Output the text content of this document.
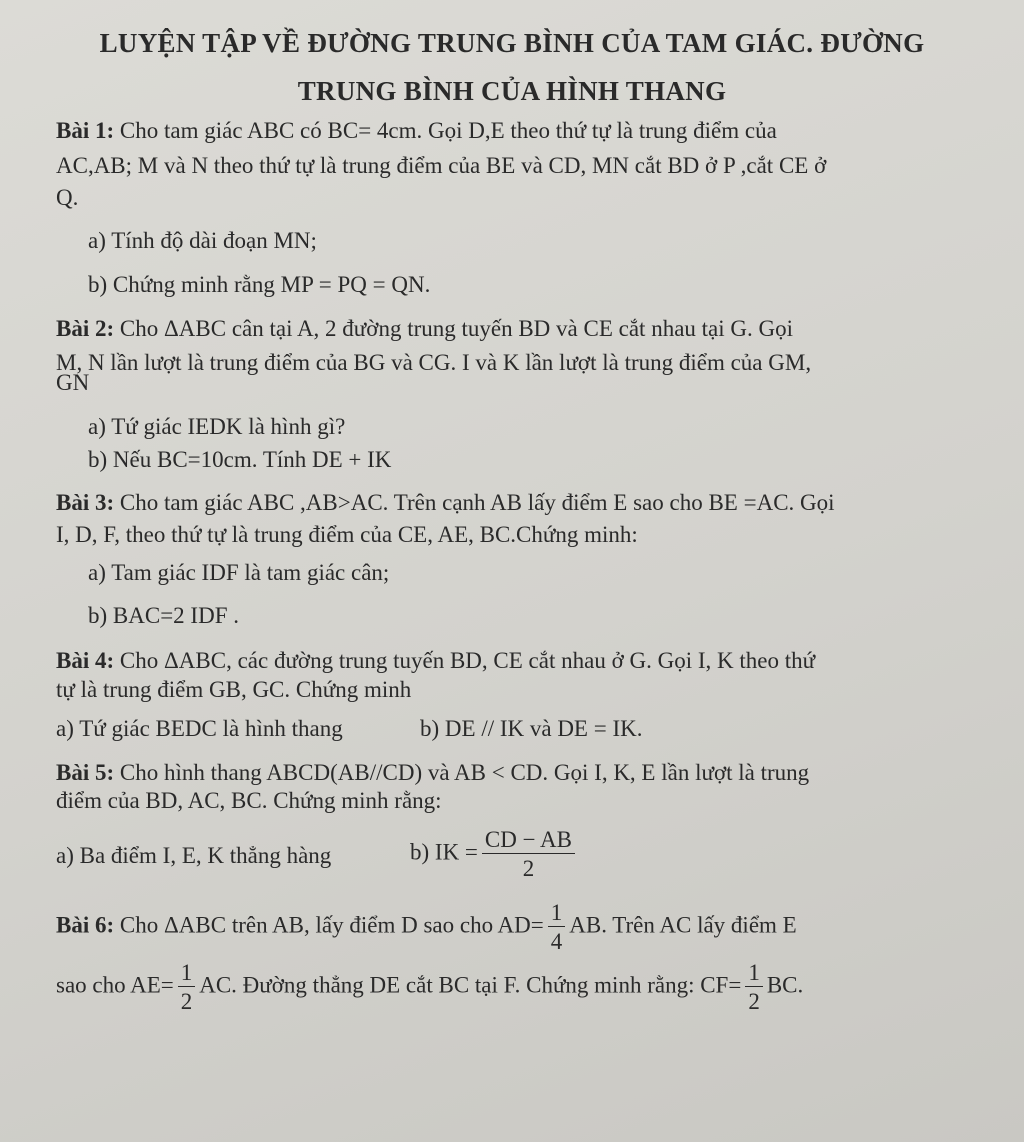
LUYỆN TẬP VỀ ĐƯỜNG TRUNG BÌNH CỦA TAM GIÁC. ĐƯỜNG
TRUNG BÌNH CỦA HÌNH THANG
Bài 1: Cho tam giác ABC có BC= 4cm. Gọi D,E theo thứ tự là trung điểm của
AC,AB; M và N theo thứ tự là trung điểm của BE và CD, MN cắt BD ở P ,cắt CE ở
Q.
a) Tính độ dài đoạn MN;
b) Chứng minh rằng MP = PQ = QN.
Bài 2: Cho ΔABC cân tại A, 2 đường trung tuyến BD và CE cắt nhau tại G. Gọi
M, N lần lượt là trung điểm của BG và CG. I và K lần lượt là trung điểm của GM,
GN
a) Tứ giác IEDK là hình gì?
b) Nếu BC=10cm. Tính DE + IK
Bài 3: Cho tam giác ABC ,AB>AC. Trên cạnh AB lấy điểm E sao cho BE =AC. Gọi
I, D, F, theo thứ tự là trung điểm của CE, AE, BC.Chứng minh:
a) Tam giác IDF là tam giác cân;
b) BAC=2 IDF .
Bài 4: Cho ΔABC, các đường trung tuyến BD, CE cắt nhau ở G. Gọi I, K theo thứ
tự là trung điểm GB, GC. Chứng minh
a) Tứ giác BEDC là hình thang	b) DE // IK và DE = IK.
Bài 5: Cho hình thang ABCD(AB//CD) và AB < CD. Gọi I, K, E lần lượt là trung
điểm của BD, AC, BC. Chứng minh rằng:
a) Ba điểm I, E, K thẳng hàng	b) IK = $\frac{CD - AB}{2}$
Bài 6: Cho ΔABC trên AB, lấy điểm D sao cho $AD= \frac{1}{4}$ AB. Trên AC lấy điểm E
sao cho $AE= \frac{1}{2}$ AC. Đường thẳng DE cắt BC tại F. Chứng minh rằng: $CF= \frac{1}{2}$ BC.
